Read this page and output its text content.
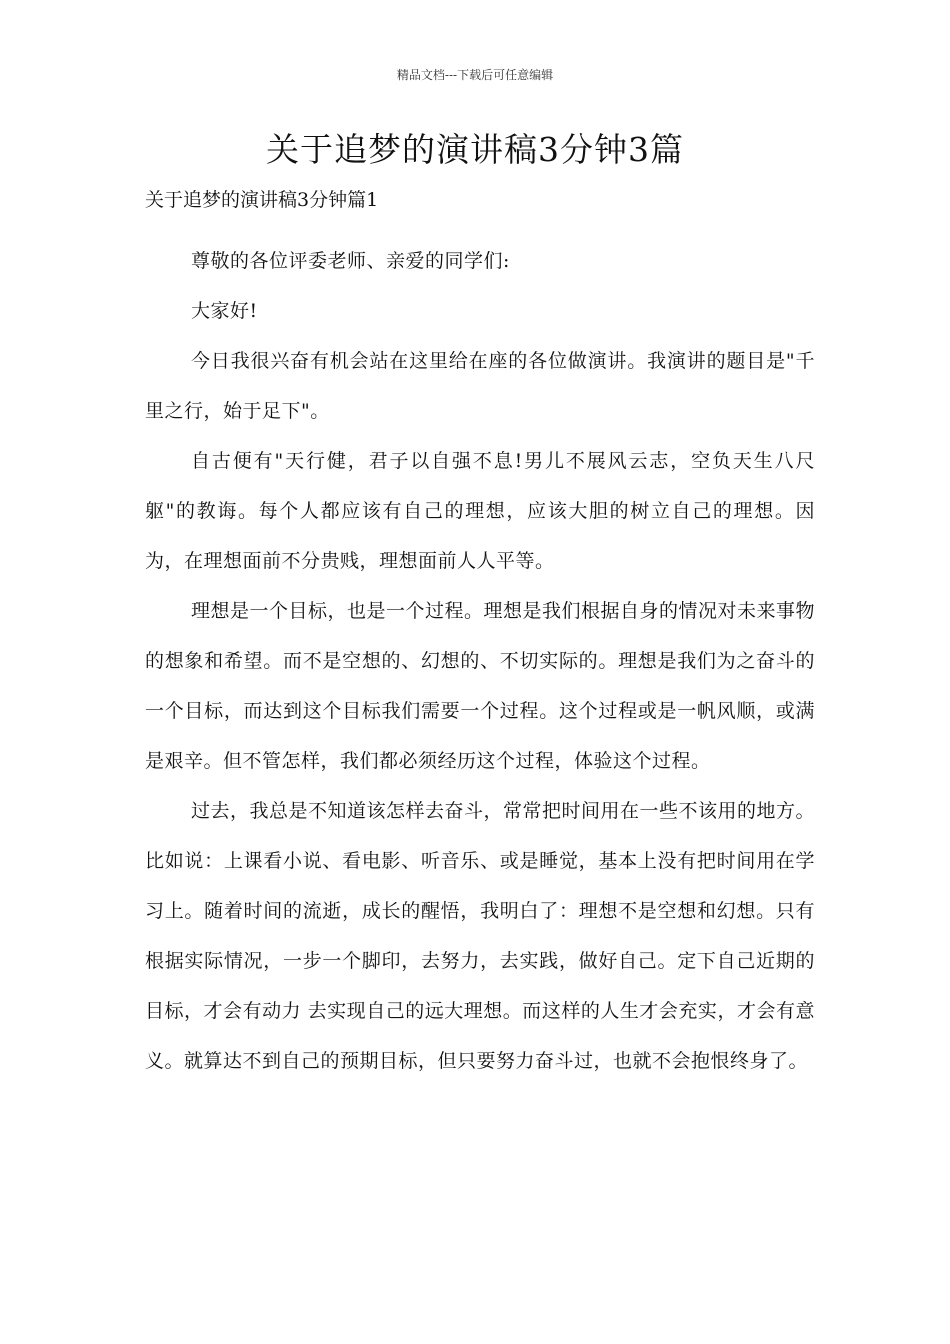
精品文档---下载后可任意编辑
关于追梦的演讲稿3分钟3篇
关于追梦的演讲稿3分钟篇1

尊敬的各位评委老师、亲爱的同学们:

大家好!

今日我很兴奋有机会站在这里给在座的各位做演讲。我演讲的题目是"千里之行，始于足下"。

自古便有"天行健，君子以自强不息!男儿不展风云志，空负天生八尺躯"的教诲。每个人都应该有自己的理想，应该大胆的树立自己的理想。因为，在理想面前不分贵贱，理想面前人人平等。

理想是一个目标，也是一个过程。理想是我们根据自身的情况对未来事物的想象和希望。而不是空想的、幻想的、不切实际的。理想是我们为之奋斗的一个目标，而达到这个目标我们需要一个过程。这个过程或是一帆风顺，或满是艰辛。但不管怎样，我们都必须经历这个过程，体验这个过程。

过去，我总是不知道该怎样去奋斗，常常把时间用在一些不该用的地方。比如说：上课看小说、看电影、听音乐、或是睡觉，基本上没有把时间用在学习上。随着时间的流逝，成长的醒悟，我明白了：理想不是空想和幻想。只有根据实际情况，一步一个脚印，去努力，去实践，做好自己。定下自己近期的目标，才会有动力 去实现自己的远大理想。而这样的人生才会充实，才会有意义。就算达不到自己的预期目标，但只要努力奋斗过，也就不会抱恨终身了。
